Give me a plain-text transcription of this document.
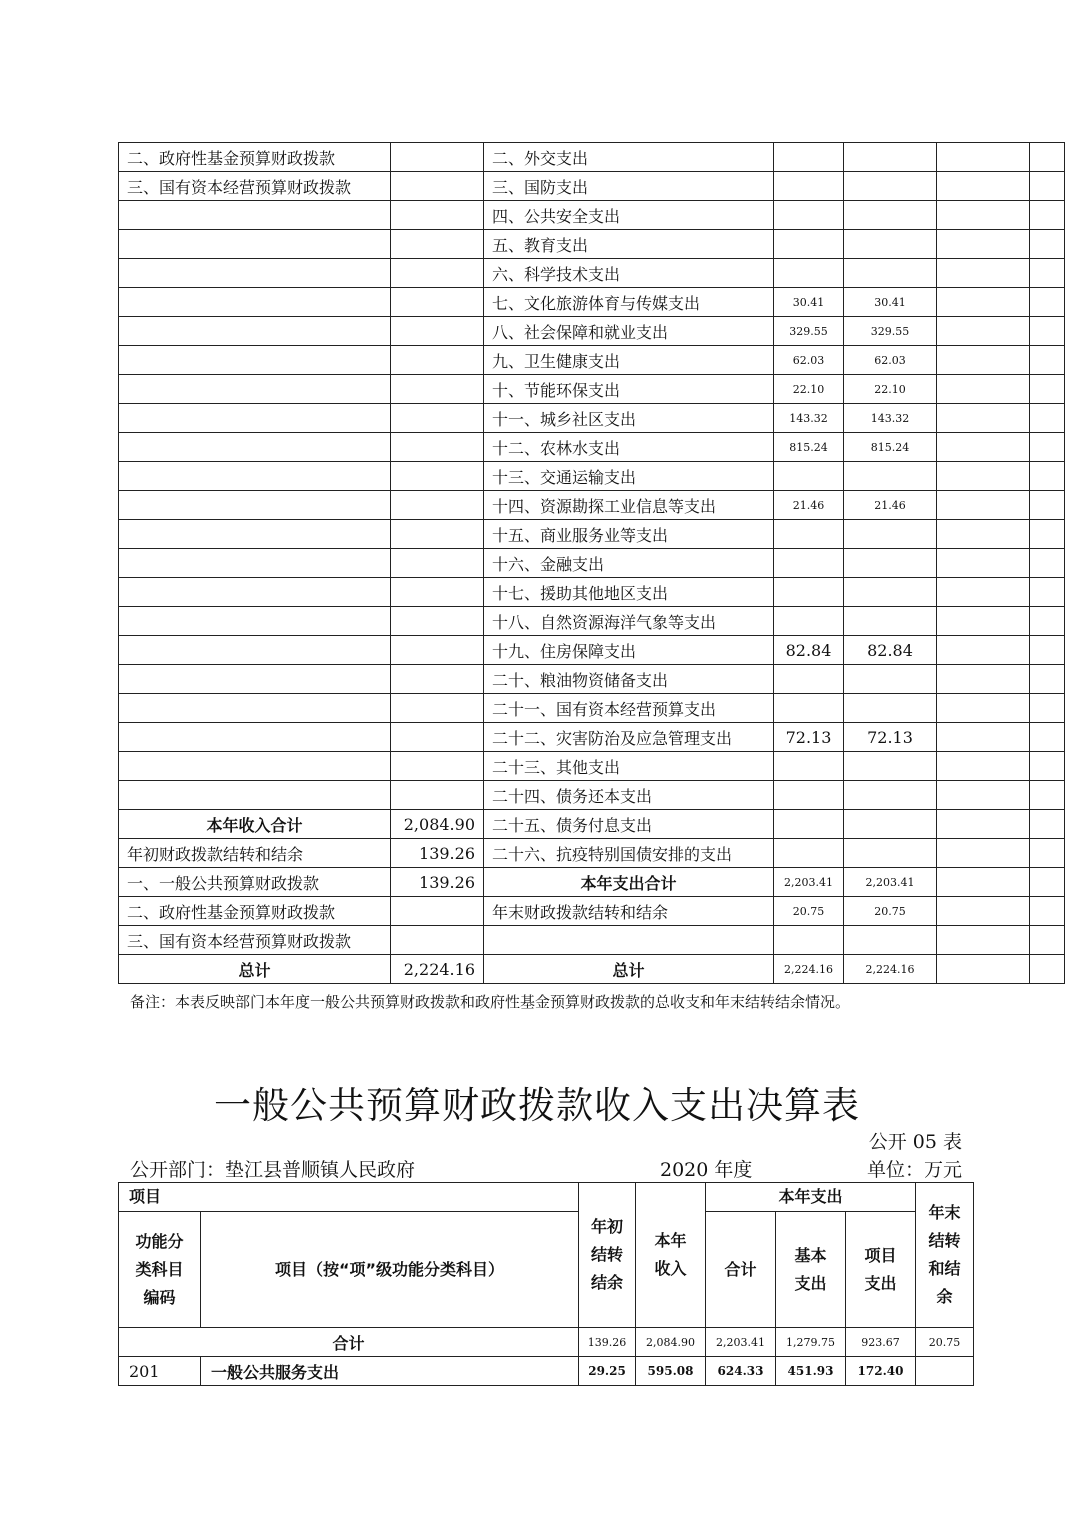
二、政府性基金预算财政拨款		二、外交支出				
三、国有资本经营预算财政拨款		三、国防支出				
		四、公共安全支出				
		五、教育支出				
		六、科学技术支出				
		七、文化旅游体育与传媒支出	30.41	30.41		
		八、社会保障和就业支出	329.55	329.55		
		九、卫生健康支出	62.03	62.03		
		十、节能环保支出	22.10	22.10		
		十一、城乡社区支出	143.32	143.32		
		十二、农林水支出	815.24	815.24		
		十三、交通运输支出				
		十四、资源勘探工业信息等支出	21.46	21.46		
		十五、商业服务业等支出				
		十六、金融支出				
		十七、援助其他地区支出				
		十八、自然资源海洋气象等支出				
		十九、住房保障支出	82.84	82.84		
		二十、粮油物资储备支出				
		二十一、国有资本经营预算支出				
		二十二、灾害防治及应急管理支出	72.13	72.13		
		二十三、其他支出				
		二十四、债务还本支出				
本年收入合计	2,084.90	二十五、债务付息支出				
年初财政拨款结转和结余	139.26	二十六、抗疫特别国债安排的支出				
一、一般公共预算财政拨款	139.26	本年支出合计	2,203.41	2,203.41		
二、政府性基金预算财政拨款		年末财政拨款结转和结余	20.75	20.75		
三、国有资本经营预算财政拨款						
总计	2,224.16	总计	2,224.16	2,224.16		
备注：本表反映部门本年度一般公共预算财政拨款和政府性基金预算财政拨款的总收支和年末结转结余情况。
一般公共预算财政拨款收入支出决算表
公开 05 表
公开部门：垫江县普顺镇人民政府	2020 年度	单位：万元
项目		年初结转结余	本年收入	本年支出			年末结转和结余
功能分类科目编码	项目（按“项”级功能分类科目）			合计	基本支出	项目支出	
合计		139.26	2,084.90	2,203.41	1,279.75	923.67	20.75
201	一般公共服务支出	29.25	595.08	624.33	451.93	172.40	
